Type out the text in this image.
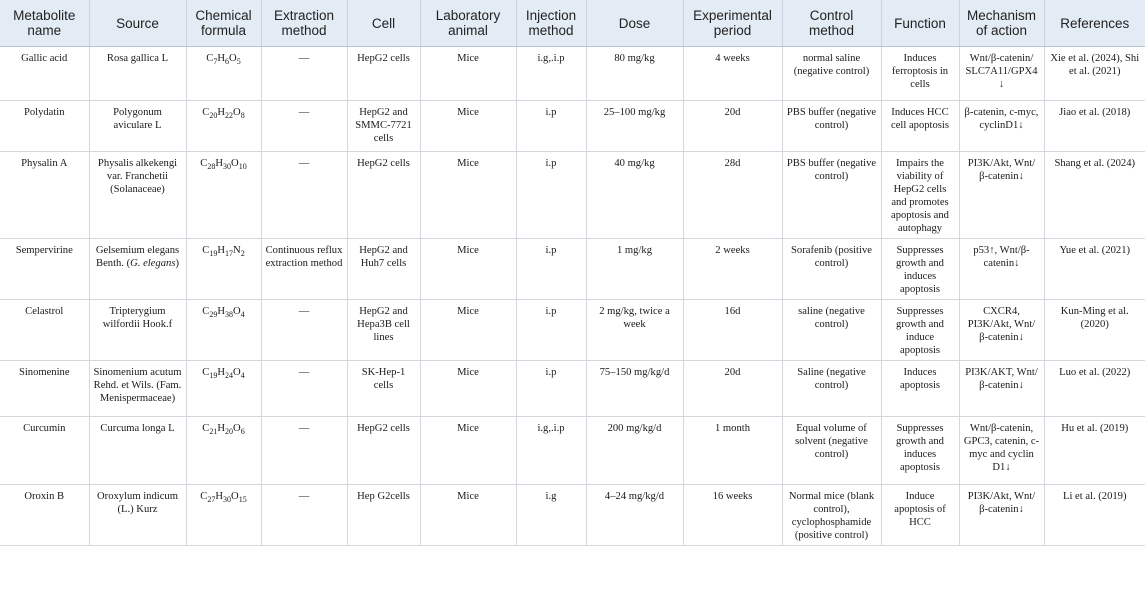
Metabolite name	Source	Chemical formula	Extraction method	Cell	Laboratory animal	Injection method	Dose	Experimental period	Control method	Function	Mechanism of action	References
Gallic acid	Rosa gallica L	$C_7H_6O_5$	—	HepG2 cells	Mice	i.g,.i.p	80 mg/kg	4 weeks	normal saline (negative control)	Induces ferroptosis in cells	Wnt/β-catenin/ SLC7A11/GPX4↓	Xie et al. (2024), Shi et al. (2021)
Polydatin	Polygonum aviculare L	$C_{20}H_{22}O_8$	—	HepG2 and SMMC-7721 cells	Mice	i.p	25–100 mg/kg	20d	PBS buffer (negative control)	Induces HCC cell apoptosis	β-catenin, c-myc, cyclinD1↓	Jiao et al. (2018)
Physalin A	Physalis alkekengi var. Franchetii (Solanaceae)	$C_{28}H_{30}O_{10}$	—	HepG2 cells	Mice	i.p	40 mg/kg	28d	PBS buffer (negative control)	Impairs the viability of HepG2 cells and promotes apoptosis and autophagy	PI3K/Akt, Wnt/β-catenin↓	Shang et al. (2024)
Sempervirine	Gelsemium elegans Benth. (G. elegans)	$C_{19}H_{17}N_2$	Continuous reflux extraction method	HepG2 and Huh7 cells	Mice	i.p	1 mg/kg	2 weeks	Sorafenib (positive control)	Suppresses growth and induces apoptosis	p53↑, Wnt/β-catenin↓	Yue et al. (2021)
Celastrol	Tripterygium wilfordii Hook.f	$C_{29}H_{38}O_4$	—	HepG2 and Hepa3B cell lines	Mice	i.p	2 mg/kg, twice a week	16d	saline (negative control)	Suppresses growth and induce apoptosis	CXCR4, PI3K/Akt, Wnt/β-catenin↓	Kun-Ming et al. (2020)
Sinomenine	Sinomenium acutum Rehd. et Wils. (Fam. Menispermaceae)	$C_{19}H_{24}O_4$	—	SK-Hep-1 cells	Mice	i.p	75–150 mg/kg/d	20d	Saline (negative control)	Induces apoptosis	PI3K/AKT, Wnt/β-catenin↓	Luo et al. (2022)
Curcumin	Curcuma longa L	$C_{21}H_{20}O_6$	—	HepG2 cells	Mice	i.g,.i.p	200 mg/kg/d	1 month	Equal volume of solvent (negative control)	Suppresses growth and induces apoptosis	Wnt/β-catenin, GPC3, catenin, c-myc and cyclin D1↓	Hu et al. (2019)
Oroxin B	Oroxylum indicum (L.) Kurz	$C_{27}H_{30}O_{15}$	—	Hep G2cells	Mice	i.g	4–24 mg/kg/d	16 weeks	Normal mice (blank control), cyclophosphamide (positive control)	Induce apoptosis of HCC	PI3K/Akt, Wnt/β-catenin↓	Li et al. (2019)
